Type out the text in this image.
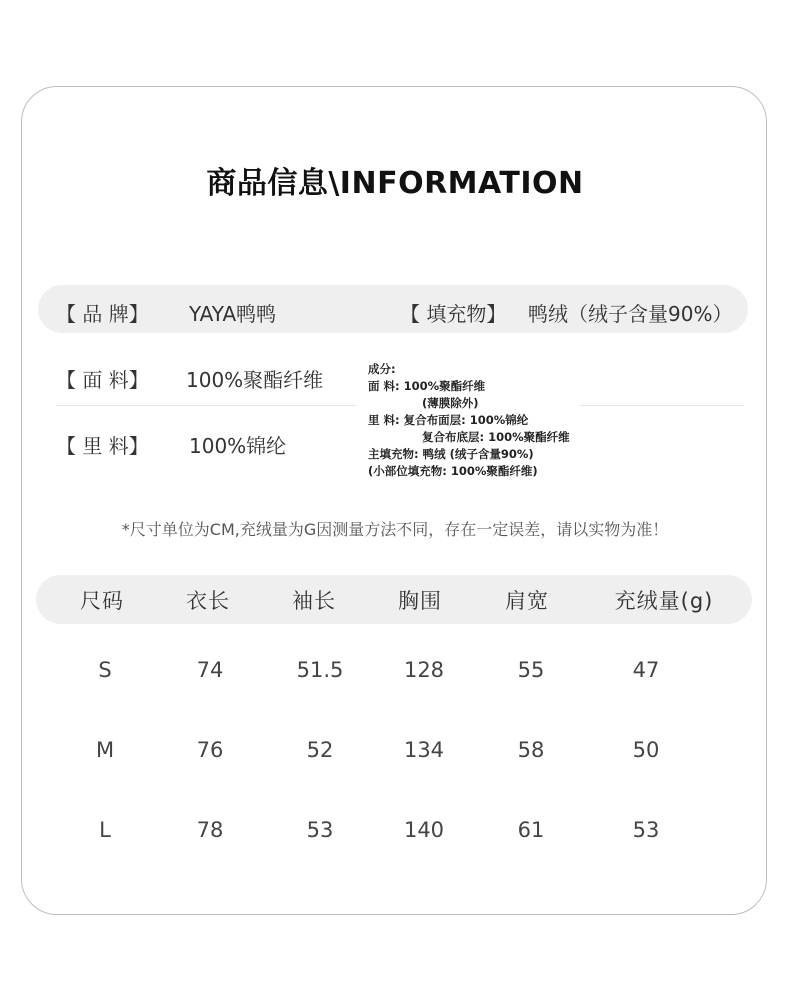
商品信息\INFORMATION
【 品 牌】 YAYA鸭鸭	【 填充物】 鸭绒（绒子含量90%）
【 面 料】 100%聚酯纤维
【 里 料】 100%锦纶
成分:
面 料: 100%聚酯纤维
(薄膜除外)
里 料: 复合布面层: 100%锦纶
复合布底层: 100%聚酯纤维
主填充物: 鸭绒 (绒子含量90%)
(小部位填充物: 100%聚酯纤维)
*尺寸单位为CM,充绒量为G因测量方法不同，存在一定误差，请以实物为准！
尺码	衣长	袖长	胸围	肩宽	充绒量(g)
S	74	51.5	128	55	47
M	76	52	134	58	50
L	78	53	140	61	53
